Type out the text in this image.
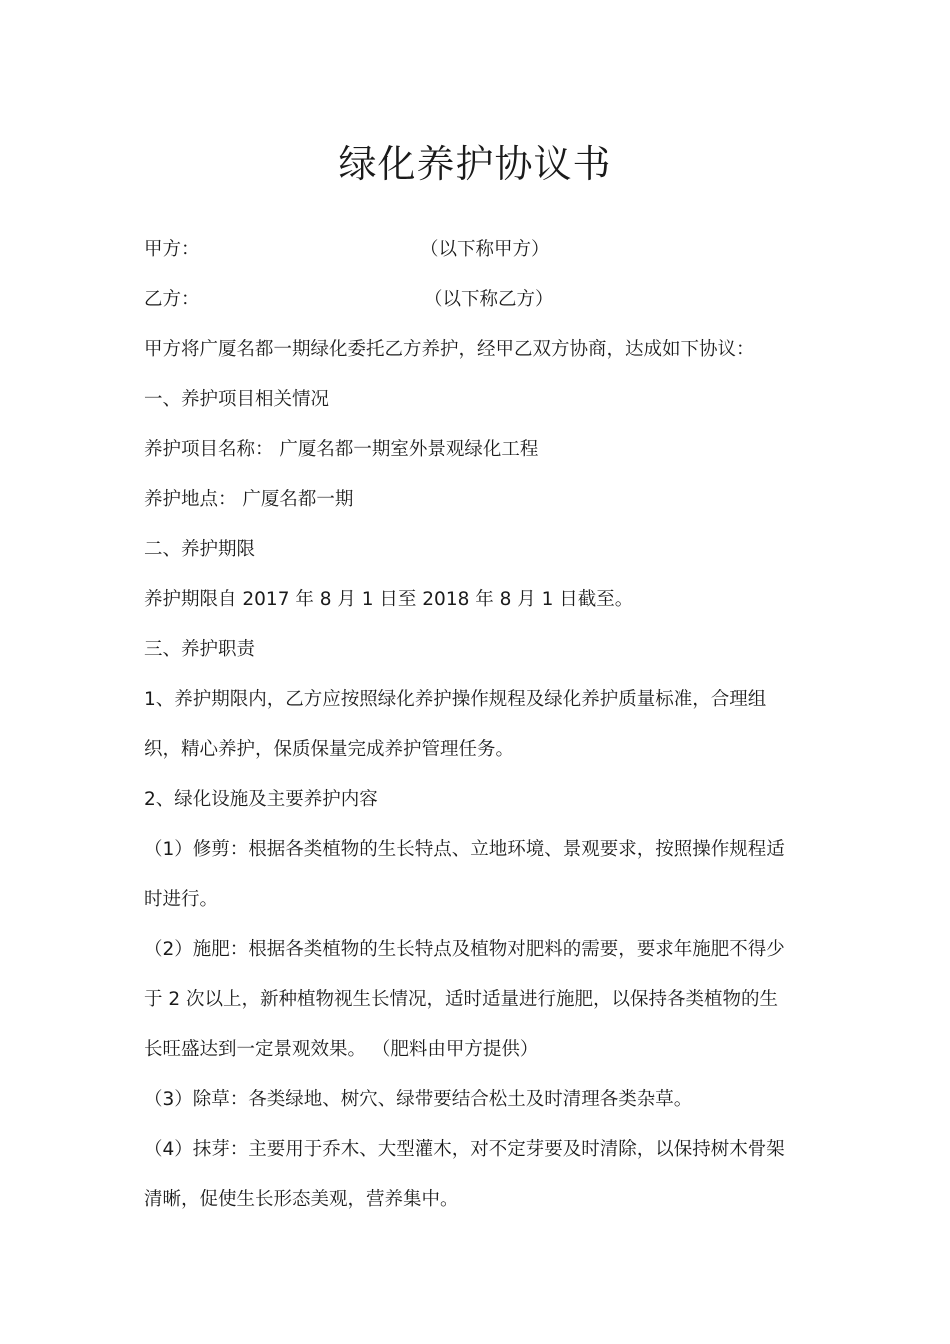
绿化养护协议书
甲方：	（以下称甲方）
乙方：	（以下称乙方）
甲方将广厦名都一期绿化委托乙方养护，经甲乙双方协商，达成如下协议：
一、养护项目相关情况
养护项目名称： 广厦名都一期室外景观绿化工程
养护地点： 广厦名都一期
二、养护期限
养护期限自 2017 年 8 月 1 日至 2018 年 8 月 1 日截至。
三、养护职责
1、养护期限内，乙方应按照绿化养护操作规程及绿化养护质量标准，合理组
织，精心养护，保质保量完成养护管理任务。
2、绿化设施及主要养护内容
（1）修剪：根据各类植物的生长特点、立地环境、景观要求，按照操作规程适
时进行。
（2）施肥：根据各类植物的生长特点及植物对肥料的需要，要求年施肥不得少
于 2 次以上，新种植物视生长情况，适时适量进行施肥，以保持各类植物的生
长旺盛达到一定景观效果。 （肥料由甲方提供）
（3）除草：各类绿地、树穴、绿带要结合松土及时清理各类杂草。
（4）抹芽：主要用于乔木、大型灌木，对不定芽要及时清除，以保持树木骨架
清晰，促使生长形态美观，营养集中。
